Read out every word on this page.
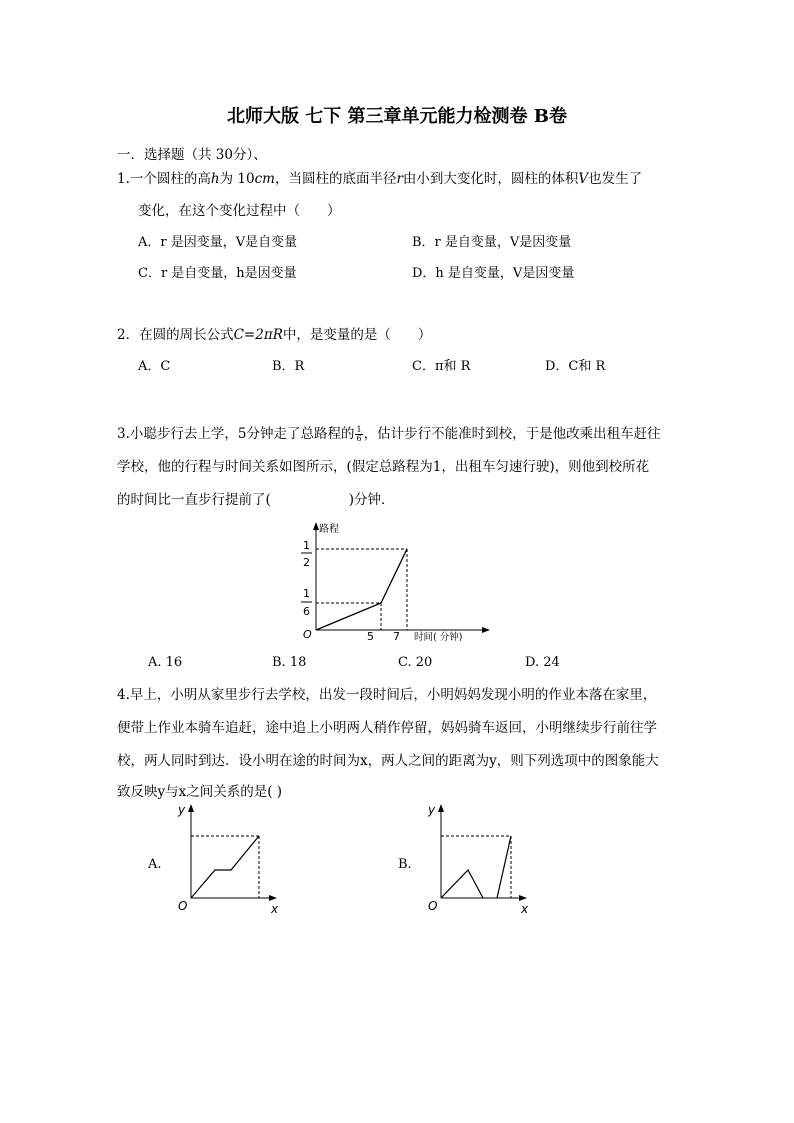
北师大版 七下 第三章单元能力检测卷 B卷
一．选择题（共 30分）、
1.一个圆柱的高h为 10cm，当圆柱的底面半径r由小到大变化时，圆柱的体积V也发生了
变化，在这个变化过程中（　　）
A．r 是因变量，V是自变量	B．r 是自变量，V是因变量
C．r 是自变量，h是因变量	D．h 是自变量，V是因变量
2．在圆的周长公式C=2πR中，是变量的是（　　）
A．C	B．R	C．π和 R	D．C和 R
3.小聪步行去上学，5分钟走了总路程的 $\frac{1}{6}$ ，估计步行不能准时到校，于是他改乘出租车赶往
学校，他的行程与时间关系如图所示，(假定总路程为1，出租车匀速行驶)，则他到校所花
的时间比一直步行提前了(	)分钟．
路程
时间( 分钟)
O
1
2
1
6
5 7
A. 16	B. 18	C. 20	D. 24
4.早上，小明从家里步行去学校，出发一段时间后，小明妈妈发现小明的作业本落在家里，
便带上作业本骑车追赶，途中追上小明两人稍作停留，妈妈骑车返回，小明继续步行前往学
校，两人同时到达．设小明在途的时间为x，两人之间的距离为y，则下列选项中的图象能大
致反映y与x之间关系的是( )
A.
y
x
O
B.
y
x
O
